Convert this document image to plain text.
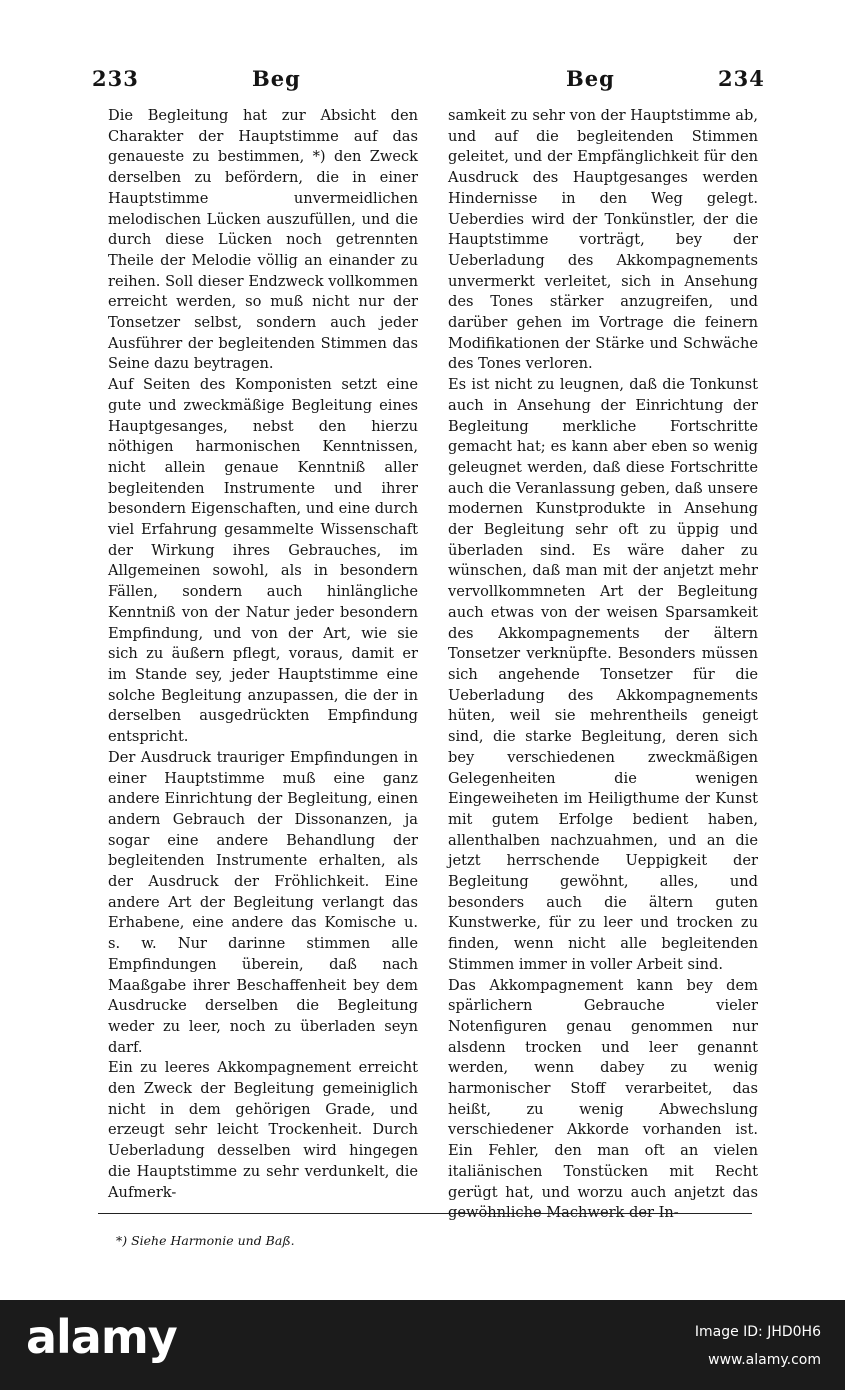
233	Beg	Beg	234

Die Begleitung hat zur Absicht den Charakter der Hauptstimme auf das genaueste zu bestimmen, *) den Zweck derselben zu befördern, die in einer Hauptstimme unvermeidlichen melodischen Lücken auszufüllen, und die durch diese Lücken noch getrennten Theile der Melodie völlig an einander zu reihen. Soll dieser Endzweck vollkommen erreicht werden, so muß nicht nur der Tonsetzer selbst, sondern auch jeder Ausführer der begleitenden Stimmen das Seine dazu beytragen.

Auf Seiten des Komponisten setzt eine gute und zweckmäßige Begleitung eines Hauptgesanges, nebst den hierzu nöthigen harmonischen Kenntnissen, nicht allein genaue Kenntniß aller begleitenden Instrumente und ihrer besondern Eigenschaften, und eine durch viel Erfahrung gesammelte Wissenschaft der Wirkung ihres Gebrauches, im Allgemeinen sowohl, als in besondern Fällen, sondern auch hinlängliche Kenntniß von der Natur jeder besondern Empfindung, und von der Art, wie sie sich zu äußern pflegt, voraus, damit er im Stande sey, jeder Hauptstimme eine solche Begleitung anzupassen, die der in derselben ausgedrückten Empfindung entspricht.

Der Ausdruck trauriger Empfindungen in einer Hauptstimme muß eine ganz andere Einrichtung der Begleitung, einen andern Gebrauch der Dissonanzen, ja sogar eine andere Behandlung der begleitenden Instrumente erhalten, als der Ausdruck der Fröhlichkeit. Eine andere Art der Begleitung verlangt das Erhabene, eine andere das Komische u. s. w. Nur darinne stimmen alle Empfindungen überein, daß nach Maaßgabe ihrer Beschaffenheit bey dem Ausdrucke derselben die Begleitung weder zu leer, noch zu überladen seyn darf.

Ein zu leeres Akkompagnement erreicht den Zweck der Begleitung gemeiniglich nicht in dem gehörigen Grade, und erzeugt sehr leicht Trockenheit. Durch Ueberladung desselben wird hingegen die Hauptstimme zu sehr verdunkelt, die Aufmerk-

samkeit zu sehr von der Hauptstimme ab, und auf die begleitenden Stimmen geleitet, und der Empfänglichkeit für den Ausdruck des Hauptgesanges werden Hindernisse in den Weg gelegt. Ueberdies wird der Tonkünstler, der die Hauptstimme vorträgt, bey der Ueberladung des Akkompagnements unvermerkt verleitet, sich in Ansehung des Tones stärker anzugreifen, und darüber gehen im Vortrage die feinern Modifikationen der Stärke und Schwäche des Tones verloren.

Es ist nicht zu leugnen, daß die Tonkunst auch in Ansehung der Einrichtung der Begleitung merkliche Fortschritte gemacht hat; es kann aber eben so wenig geleugnet werden, daß diese Fortschritte auch die Veranlassung geben, daß unsere modernen Kunstprodukte in Ansehung der Begleitung sehr oft zu üppig und überladen sind. Es wäre daher zu wünschen, daß man mit der anjetzt mehr vervollkommneten Art der Begleitung auch etwas von der weisen Sparsamkeit des Akkompagnements der ältern Tonsetzer verknüpfte. Besonders müssen sich angehende Tonsetzer für die Ueberladung des Akkompagnements hüten, weil sie mehrentheils geneigt sind, die starke Begleitung, deren sich bey verschiedenen zweckmäßigen Gelegenheiten die wenigen Eingeweiheten im Heiligthume der Kunst mit gutem Erfolge bedient haben, allenthalben nachzuahmen, und an die jetzt herrschende Ueppigkeit der Begleitung gewöhnt, alles, und besonders auch die ältern guten Kunstwerke, für zu leer und trocken zu finden, wenn nicht alle begleitenden Stimmen immer in voller Arbeit sind.

Das Akkompagnement kann bey dem spärlichern Gebrauche vieler Notenfiguren genau genommen nur alsdenn trocken und leer genannt werden, wenn dabey zu wenig harmonischer Stoff verarbeitet, das heißt, zu wenig Abwechslung verschiedener Akkorde vorhanden ist. Ein Fehler, den man oft an vielen italiänischen Tonstücken mit Recht gerügt hat, und worzu auch anjetzt das gewöhnliche Machwerk der In-

*) Siehe Harmonie und Baß.
alamy	Image ID: JHD0H6
www.alamy.com
